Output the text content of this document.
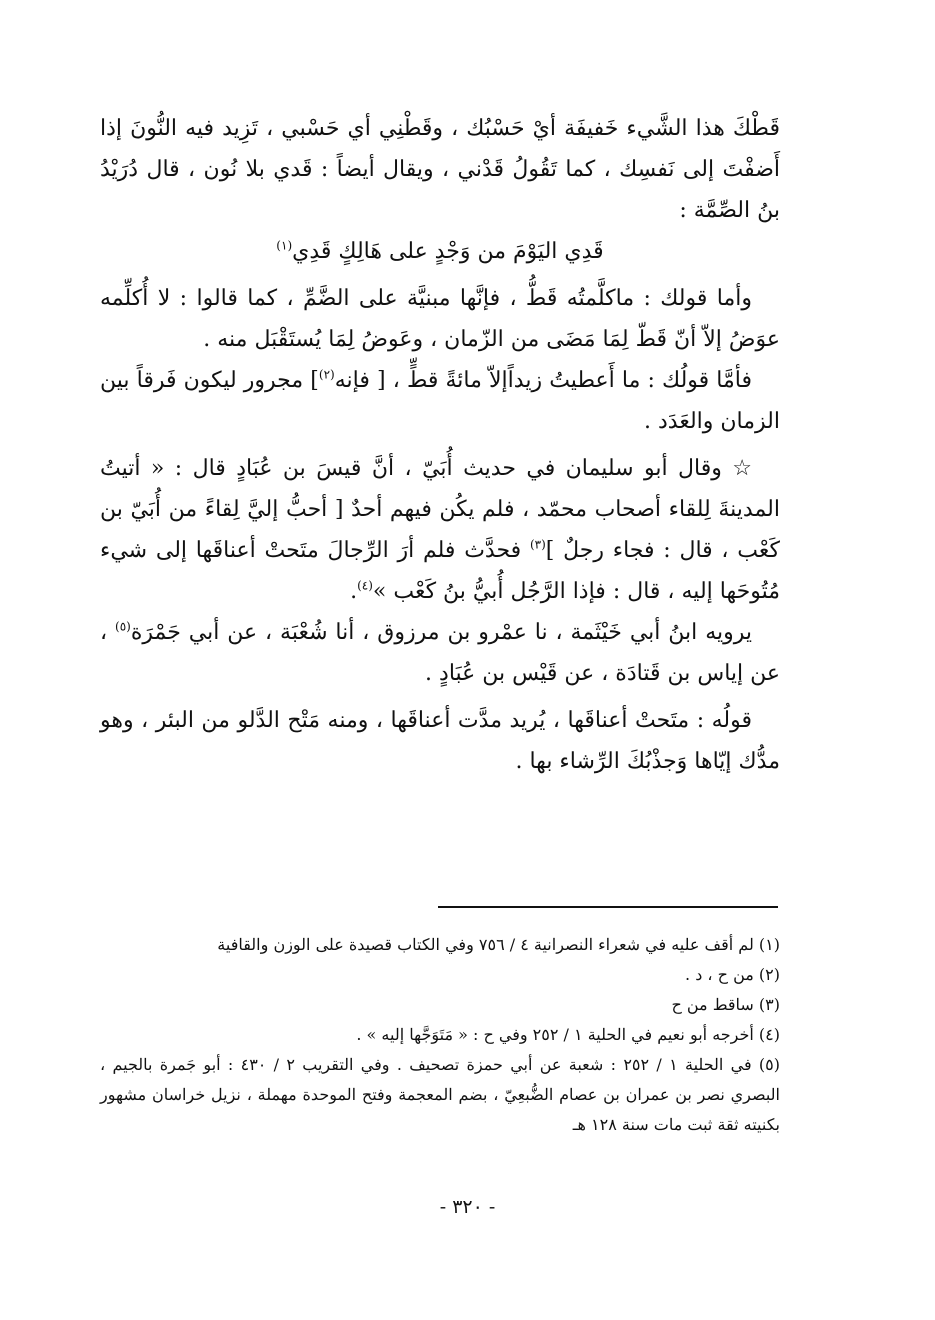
قَطْكَ هذا الشَّيء خَفيفَة أيْ حَسْبُك ، وقَطْنِي أي حَسْبي ، تَزِيد فيه النُّونَ إذا أَضفْتَ إلى نَفسِك ، كما تَقُولُ قَدْني ، ويقال أيضاً : قَدي بلا نُون ، قال دُرَيْدُ بنُ الصِّمَّة :

قَدِي اليَوْمَ من وَجْدٍ على هَالِكٍ قَدِي$^{(١)}$

وأما قولك : ماكلَّمتُه قَطُّ ، فإنَّها مبنيَّة على الضَّمِّ ، كما قالوا : لا أُكلِّمه عوَضُ إلاّ أنّ قَطّ لِمَا مَضَى من الزّمان ، وعَوضُ لِمَا يُستَقْبَل منه .

فأمَّا قولُك : ما أَعطيتُ زيداًإلاّ مائةً قطٍّ ، [ فإنه$^{(٢)}$] مجرور ليكون فَرقاً بين الزمان والعَدَد .

☆ وقال أبو سليمان في حديث أُبَيّ ، أنَّ قيسَ بن عُبَادٍ قال : « أتيتُ المدينةَ لِلقاء أصحاب محمّد ، فلم يكُن فيهم أحدٌ [ أحبُّ إليَّ لِقاءً من أُبَيّ بن كَعْب ، قال : فجاء رجلٌ ]$^{(٣)}$ فحدَّث فلم أرَ الرِّجالَ متَحتْ أعناقَها إلى شيء مُتُوحَها إليه ، قال : فإذا الرَّجُل أُبيُّ بنُ كَعْب »$^{(٤)}$.

يرويه ابنُ أبي خَيْثَمة ، نا عمْرو بن مرزوق ، أنا شُعْبَة ، عن أبي جَمْرَة$^{(٥)}$ ، عن إياس بن قَتادَة ، عن قَيْس بن عُبَادٍ .

قولُه : متَحتْ أعناقَها ، يُريد مدَّت أعناقَها ، ومنه مَتْح الدَّلو من البئر ، وهو مدُّك إيّاها وَجذْبُكَ الرِّشاء بها .

(١) لم أقف عليه في شعراء النصرانية ٤ / ٧٥٦ وفي الكتاب قصيدة على الوزن والقافية

(٢) من ح ، د .

(٣) ساقط من ح

(٤) أخرجه أبو نعيم في الحلية ١ / ٢٥٢ وفي ح : « مَتَوَجَّها إليه » .

(٥) في الحلية ١ / ٢٥٢ : شعبة عن أبي حمزة تصحيف . وفي التقريب ٢ / ٤٣٠ : أبو جَمرة بالجيم ، البصري نصر بن عمران بن عصام الضُّبعِيّ ، بضم المعجمة وفتح الموحدة مهملة ، نزيل خراسان مشهور بكنيته ثقة ثبت مات سنة ١٢٨ هـ

- ٣٢٠ -
